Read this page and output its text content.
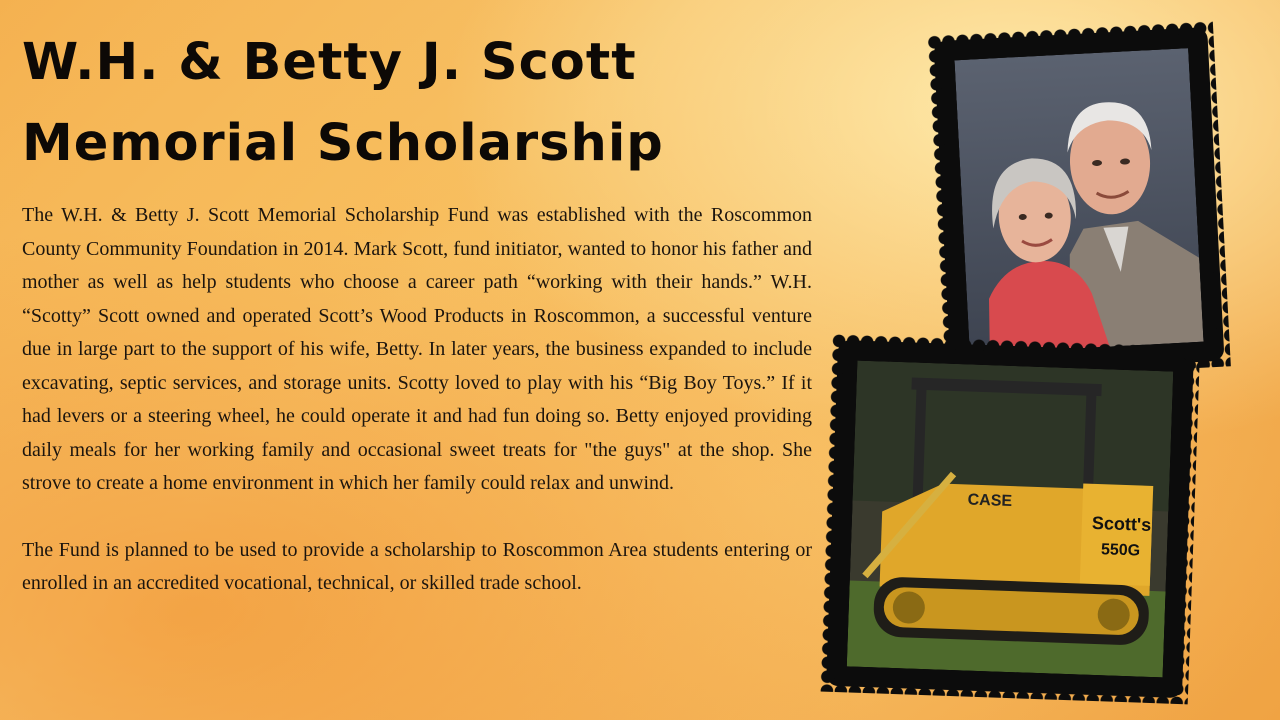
W.H. & Betty J. Scott
Memorial Scholarship

The W.H. & Betty J. Scott Memorial Scholarship Fund was established with the Roscommon County Community Foundation in 2014. Mark Scott, fund initiator, wanted to honor his father and mother as well as help students who choose a career path “working with their hands.” W.H. “Scotty” Scott owned and operated Scott’s Wood Products in Roscommon, a successful venture due in large part to the support of his wife, Betty. In later years, the business expanded to include excavating, septic services, and storage units. Scotty loved to play with his “Big Boy Toys.” If it had levers or a steering wheel, he could operate it and had fun doing so. Betty enjoyed providing daily meals for her working family and occasional sweet treats for "the guys" at the shop. She strove to create a home environment in which her family could relax and unwind.

The Fund is planned to be used to provide a scholarship to Roscommon Area students entering or enrolled in an accredited vocational, technical, or skilled trade school.

Scott's
550G
CASE
